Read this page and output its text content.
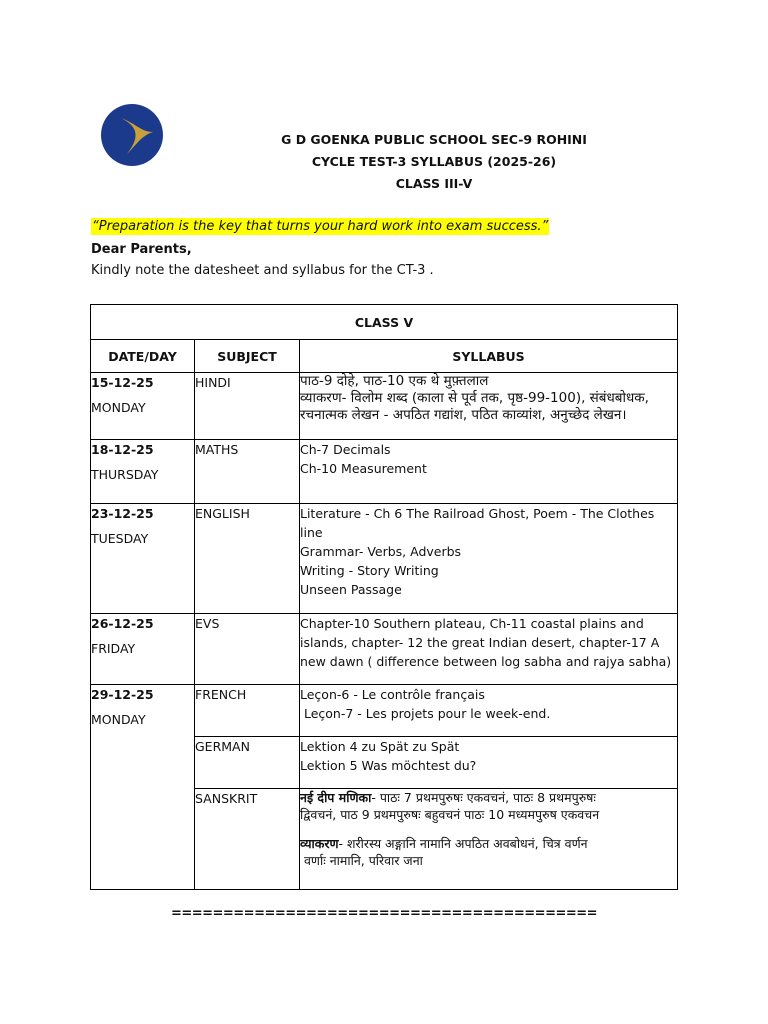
G D GOENKA PUBLIC SCHOOL SEC-9 ROHINI
CYCLE TEST-3 SYLLABUS (2025-26)
CLASS III-V
“Preparation is the key that turns your hard work into exam success.”
Dear Parents,
Kindly note the datesheet and syllabus for the CT-3 .
CLASS V		
DATE/DAY	SUBJECT	SYLLABUS

15-12-25
MONDAY	HINDI	पाठ-9 दोहे, पाठ-10 एक थे मुफ़्तलाल
व्याकरण- विलोम शब्द (काला से पूर्व तक, पृष्ठ-99-100), संबंधबोधक,
रचनात्मक लेखन - अपठित गद्यांश, पठित काव्यांश, अनुच्छेद लेखन।

18-12-25
THURSDAY	MATHS	Ch-7 Decimals
Ch-10 Measurement

23-12-25
TUESDAY	ENGLISH	Literature - Ch 6 The Railroad Ghost, Poem - The Clothes
line
Grammar- Verbs, Adverbs
Writing - Story Writing
Unseen Passage

26-12-25
FRIDAY	EVS	Chapter-10 Southern plateau, Ch-11 coastal plains and
islands, chapter- 12 the great Indian desert, chapter-17 A
new dawn ( difference between log sabha and rajya sabha)

29-12-25
MONDAY	FRENCH	Leçon-6 - Le contrôle français
Leçon-7 - Les projets pour le week-end.

	GERMAN	Lektion 4 zu Spät zu Spät
Lektion 5 Was möchtest du?

	SANSKRIT	नई दीप मणिका- पाठः 7 प्रथमपुरुषः एकवचनं, पाठः 8 प्रथमपुरुषः
द्विवचनं, पाठ 9 प्रथमपुरुषः बहुवचनं पाठः 10 मध्यमपुरुष एकवचन
व्याकरण- शरीरस्य अङ्गानि नामानि अपठित अवबोधनं, चित्र वर्णन
वर्णाः नामानि, परिवार जना
=========================================
